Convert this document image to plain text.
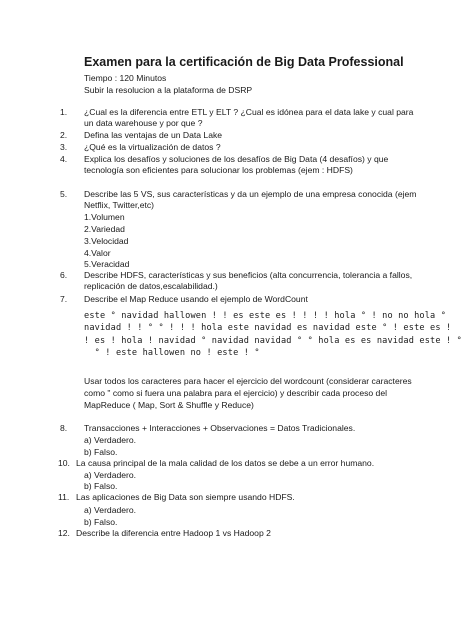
Examen para la certificación de Big Data Professional
Tiempo : 120 Minutos
Subir la resolucion a la plataforma de DSRP
1. ¿Cual es la diferencia entre ETL y ELT ? ¿Cual es idónea para el data lake y cual para
un data warehouse y por que ?
2. Defina las ventajas de un Data Lake
3. ¿Qué es la virtualización de datos ?
4. Explica los desafíos y soluciones de los desafíos de Big Data (4 desafíos) y que
tecnología son eficientes para solucionar los problemas (ejem : HDFS)
5. Describe las 5 VS, sus características y da un ejemplo de una empresa conocida (ejem
Netflix, Twitter,etc)
1.Volumen
2.Variedad
3.Velocidad
4.Valor
5.Veracidad
6. Describe HDFS, características y sus beneficios (alta concurrencia, tolerancia a fallos,
replicación de datos,escalabilidad.)
7. Describe el Map Reduce usando el ejemplo de WordCount
este ° navidad hallowen ! ! es este es ! ! ! ! hola ° ! no no hola °
navidad ! ! ° ° ! ! ! hola este navidad es navidad este ° ! este es !
! es ! hola ! navidad ° navidad navidad ° ° hola es es navidad este ! °
° ! este hallowen no ! este ! °
Usar todos los caracteres para hacer el ejercicio del wordcount (considerar caracteres
como " como si fuera una palabra para el ejercicio) y describir cada proceso del
MapReduce ( Map, Sort & Shuffle y Reduce)
8. Transacciones + Interacciones + Observaciones = Datos Tradicionales.
a) Verdadero.
b) Falso.
10. La causa principal de la mala calidad de los datos se debe a un error humano.
a) Verdadero.
b) Falso.
11. Las aplicaciones de Big Data son siempre usando HDFS.
a) Verdadero.
b) Falso.
12. Describe la diferencia entre Hadoop 1 vs Hadoop 2
